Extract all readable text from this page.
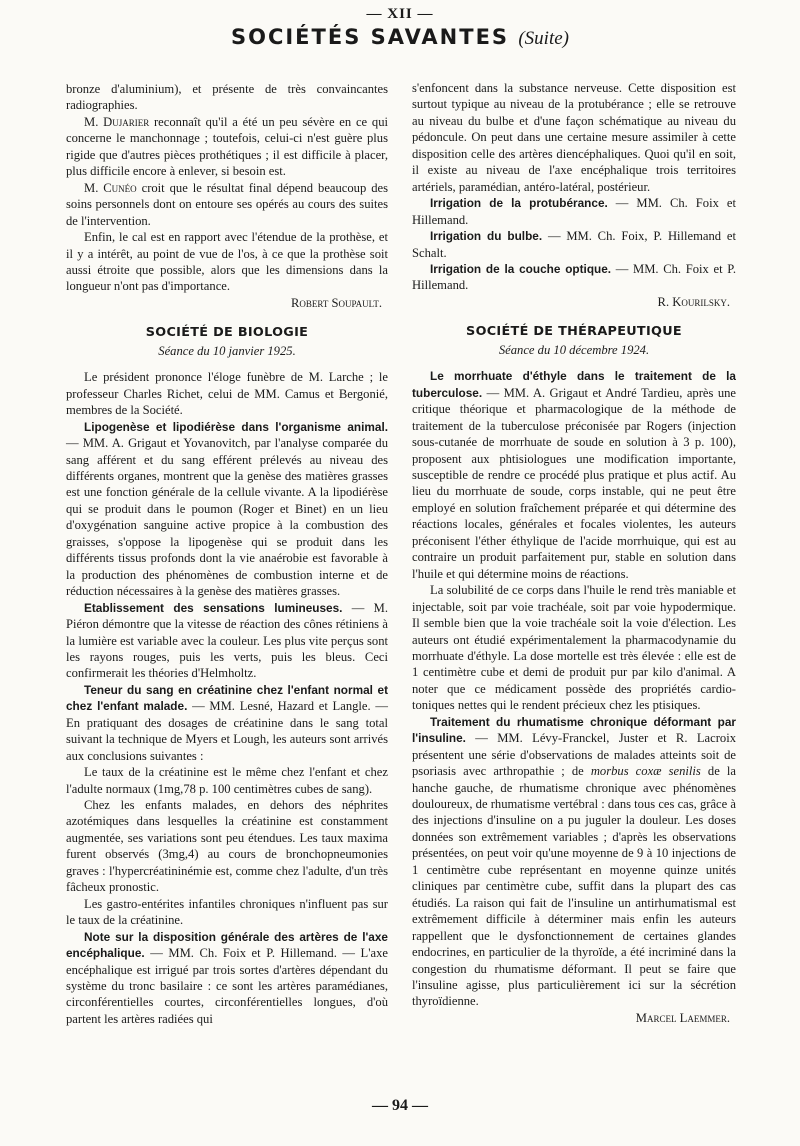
— XII —
SOCIÉTÉS SAVANTES (Suite)

bronze d'aluminium), et présente de très convaincantes radiographies.

M. Dujarier reconnaît qu'il a été un peu sévère en ce qui concerne le manchonnage ; toutefois, celui-ci n'est guère plus rigide que d'autres pièces prothétiques ; il est difficile à placer, plus difficile encore à enlever, si besoin est.

M. Cunéo croit que le résultat final dépend beaucoup des soins personnels dont on entoure ses opérés au cours des suites de l'intervention.

Enfin, le cal est en rapport avec l'étendue de la prothèse, et il y a intérêt, au point de vue de l'os, à ce que la prothèse soit aussi étroite que possible, alors que les dimensions dans la longueur n'ont pas d'importance.

Robert Soupault.
SOCIÉTÉ DE BIOLOGIE
Séance du 10 janvier 1925.

Le président prononce l'éloge funèbre de M. Larche ; le professeur Charles Richet, celui de MM. Camus et Bergonié, membres de la Société.

Lipogenèse et lipodiérèse dans l'organisme animal. — MM. A. Grigaut et Yovanovitch, par l'analyse comparée du sang afférent et du sang efférent prélevés au niveau des différents organes, montrent que la genèse des matières grasses est une fonction générale de la cellule vivante. A la lipodiérèse qui se produit dans le poumon (Roger et Binet) en un lieu d'oxygénation sanguine active propice à la combustion des graisses, s'oppose la lipogenèse qui se produit dans les différents tissus profonds dont la vie anaérobie est favorable à la production des phénomènes de combustion interne et de réduction nécessaires à la genèse des matières grasses.

Etablissement des sensations lumineuses. — M. Piéron démontre que la vitesse de réaction des cônes rétiniens à la lumière est variable avec la couleur. Les plus vite perçus sont les rayons rouges, puis les verts, puis les bleus. Ceci confirmerait les théories d'Helmholtz.

Teneur du sang en créatinine chez l'enfant normal et chez l'enfant malade. — MM. Lesné, Hazard et Langle. — En pratiquant des dosages de créatinine dans le sang total suivant la technique de Myers et Lough, les auteurs sont arrivés aux conclusions suivantes :

Le taux de la créatinine est le même chez l'enfant et chez l'adulte normaux (1mg,78 p. 100 centimètres cubes de sang).

Chez les enfants malades, en dehors des néphrites azotémiques dans lesquelles la créatinine est constamment augmentée, ses variations sont peu étendues. Les taux maxima furent observés (3mg,4) au cours de bronchopneumonies graves : l'hypercréatininémie est, comme chez l'adulte, d'un très fâcheux pronostic.

Les gastro-entérites infantiles chroniques n'influent pas sur le taux de la créatinine.

Note sur la disposition générale des artères de l'axe encéphalique. — MM. Ch. Foix et P. Hillemand. — L'axe encéphalique est irrigué par trois sortes d'artères dépendant du système du tronc basilaire : ce sont les artères paramédianes, circonférentielles courtes, circonférentielles longues, d'où partent les artères radiées qui

s'enfoncent dans la substance nerveuse. Cette disposition est surtout typique au niveau de la protubérance ; elle se retrouve au niveau du bulbe et d'une façon schématique au niveau du pédoncule. On peut dans une certaine mesure assimiler à cette disposition celle des artères diencéphaliques. Quoi qu'il en soit, il existe au niveau de l'axe encéphalique trois territoires artériels, paramédian, antéro-latéral, postérieur.

Irrigation de la protubérance. — MM. Ch. Foix et Hillemand.

Irrigation du bulbe. — MM. Ch. Foix, P. Hillemand et Schalt.

Irrigation de la couche optique. — MM. Ch. Foix et P. Hillemand.

R. Kourilsky.
SOCIÉTÉ DE THÉRAPEUTIQUE
Séance du 10 décembre 1924.

Le morrhuate d'éthyle dans le traitement de la tuberculose. — MM. A. Grigaut et André Tardieu, après une critique théorique et pharmacologique de la méthode de traitement de la tuberculose préconisée par Rogers (injection sous-cutanée de morrhuate de soude en solution à 3 p. 100), proposent aux phtisiologues une modification importante, susceptible de rendre ce procédé plus pratique et plus actif. Au lieu du morrhuate de soude, corps instable, qui ne peut être employé en solution fraîchement préparée et qui détermine des réactions locales, générales et focales violentes, les auteurs préconisent l'éther éthylique de l'acide morrhuique, qui est au contraire un produit parfaitement pur, stable en solution dans l'huile et qui détermine moins de réactions.

La solubilité de ce corps dans l'huile le rend très maniable et injectable, soit par voie trachéale, soit par voie hypodermique. Il semble bien que la voie trachéale soit la voie d'élection. Les auteurs ont étudié expérimentalement la pharmacodynamie du morrhuate d'éthyle. La dose mortelle est très élevée : elle est de 1 centimètre cube et demi de produit pur par kilo d'animal. A noter que ce médicament possède des propriétés cardio-toniques nettes qui le rendent précieux chez les ptisiques.

Traitement du rhumatisme chronique déformant par l'insuline. — MM. Lévy-Franckel, Juster et R. Lacroix présentent une série d'observations de malades atteints soit de psoriasis avec arthropathie ; de morbus coxæ senilis de la hanche gauche, de rhumatisme chronique avec phénomènes douloureux, de rhumatisme vertébral : dans tous ces cas, grâce à des injections d'insuline on a pu juguler la douleur. Les doses données son extrêmement variables ; d'après les observations présentées, on peut voir qu'une moyenne de 9 à 10 injections de 1 centimètre cube représentant en moyenne quinze unités cliniques par centimètre cube, suffit dans la plupart des cas étudiés. La raison qui fait de l'insuline un antirhumatismal est extrêmement difficile à déterminer mais enfin les auteurs rappellent que le dysfonctionnement de certaines glandes endocrines, en particulier de la thyroïde, a été incriminé dans la congestion du rhumatisme déformant. Il peut se faire que l'insuline agisse, plus particulièrement ici sur la sécrétion thyroïdienne.

Marcel Laemmer.
— 94 —
